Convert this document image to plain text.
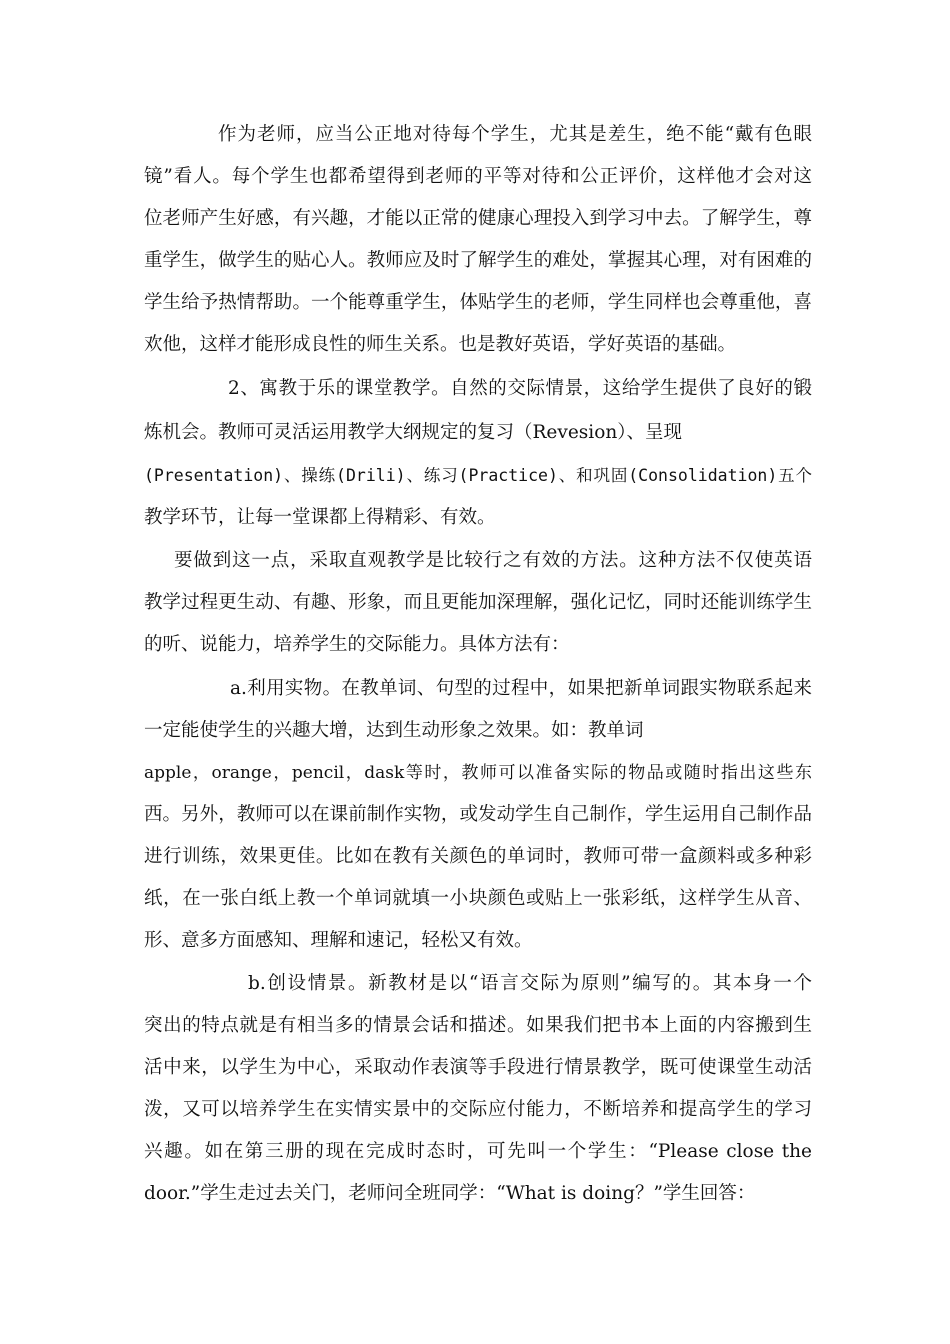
作为老师，应当公正地对待每个学生，尤其是差生，绝不能“戴有色眼
镜”看人。每个学生也都希望得到老师的平等对待和公正评价，这样他才会对这
位老师产生好感，有兴趣，才能以正常的健康心理投入到学习中去。了解学生，尊
重学生，做学生的贴心人。教师应及时了解学生的难处，掌握其心理，对有困难的
学生给予热情帮助。一个能尊重学生，体贴学生的老师，学生同样也会尊重他，喜
欢他，这样才能形成良性的师生关系。也是教好英语，学好英语的基础。
2、寓教于乐的课堂教学。自然的交际情景，这给学生提供了良好的锻
炼机会。教师可灵活运用教学大纲规定的复习（Revesion）、呈现
(Presentation)、操练(Drili)、练习(Practice)、和巩固(Consolidation)五个
教学环节，让每一堂课都上得精彩、有效。
要做到这一点，采取直观教学是比较行之有效的方法。这种方法不仅使英语
教学过程更生动、有趣、形象，而且更能加深理解，强化记忆，同时还能训练学生
的听、说能力，培养学生的交际能力。具体方法有：
a.利用实物。在教单词、句型的过程中，如果把新单词跟实物联系起来
一定能使学生的兴趣大增，达到生动形象之效果。如：教单词
apple，orange，pencil，dask等时，教师可以准备实际的物品或随时指出这些东
西。另外，教师可以在课前制作实物，或发动学生自己制作，学生运用自己制作品
进行训练，效果更佳。比如在教有关颜色的单词时，教师可带一盒颜料或多种彩
纸，在一张白纸上教一个单词就填一小块颜色或贴上一张彩纸，这样学生从音、
形、意多方面感知、理解和速记，轻松又有效。
b.创设情景。新教材是以“语言交际为原则”编写的。其本身一个
突出的特点就是有相当多的情景会话和描述。如果我们把书本上面的内容搬到生
活中来，以学生为中心，采取动作表演等手段进行情景教学，既可使课堂生动活
泼，又可以培养学生在实情实景中的交际应付能力，不断培养和提高学生的学习
兴趣。如在第三册的现在完成时态时，可先叫一个学生：“Please close the
door.”学生走过去关门，老师问全班同学：“What is doing？”学生回答：
